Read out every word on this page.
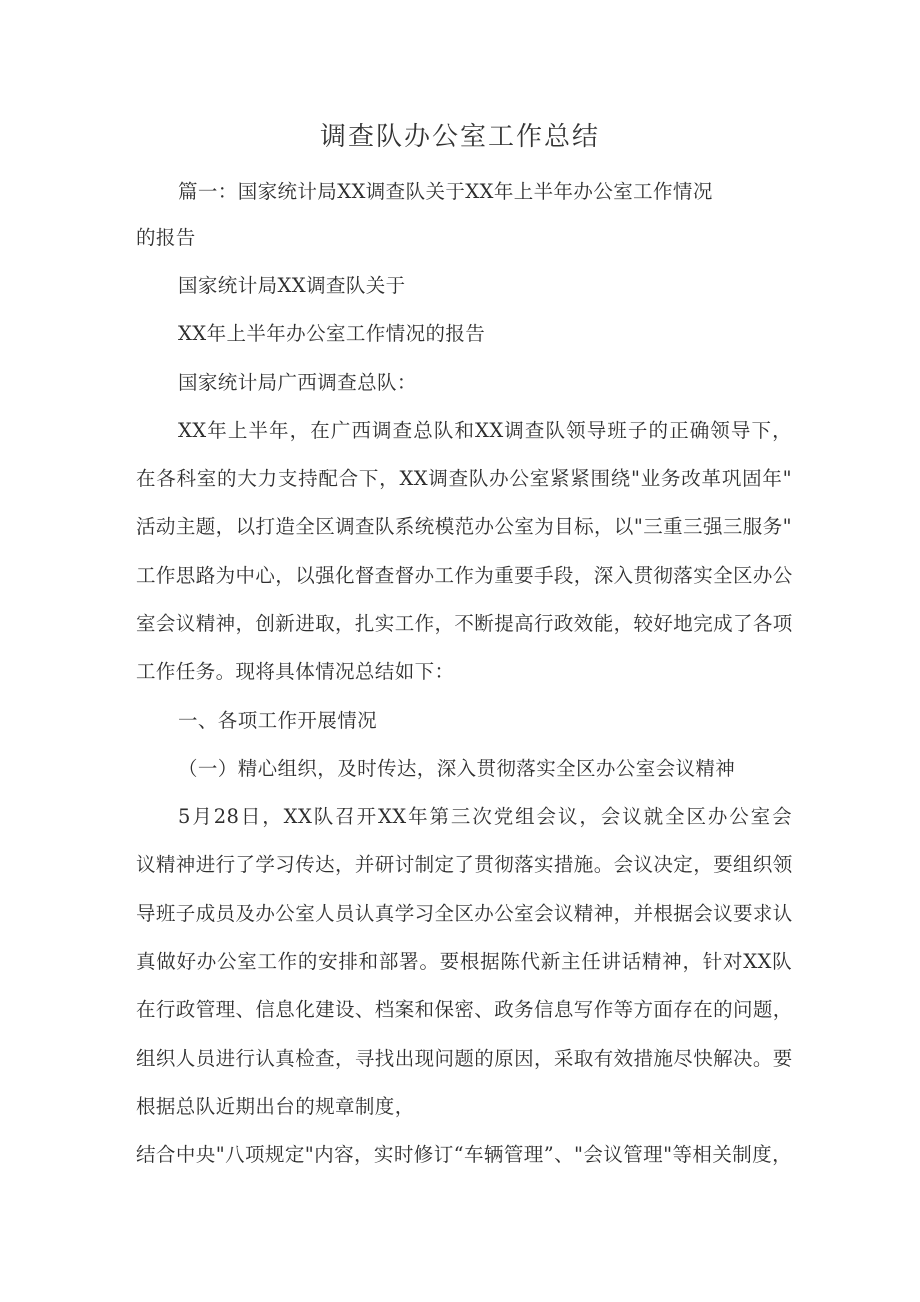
调查队办公室工作总结
篇一：国家统计局XX调查队关于XX年上半年办公室工作情况
的报告
国家统计局XX调查队关于
XX年上半年办公室工作情况的报告
国家统计局广西调查总队：
XX年上半年，在广西调查总队和XX调查队领导班子的正确领导下，
在各科室的大力支持配合下，XX调查队办公室紧紧围绕"业务改革巩固年"
活动主题，以打造全区调查队系统模范办公室为目标，以"三重三强三服务"
工作思路为中心，以强化督查督办工作为重要手段，深入贯彻落实全区办公
室会议精神，创新进取，扎实工作，不断提高行政效能，较好地完成了各项
工作任务。现将具体情况总结如下：
一、各项工作开展情况
（一）精心组织，及时传达，深入贯彻落实全区办公室会议精神
5月28日，XX队召开XX年第三次党组会议，会议就全区办公室会
议精神进行了学习传达，并研讨制定了贯彻落实措施。会议决定，要组织领
导班子成员及办公室人员认真学习全区办公室会议精神，并根据会议要求认
真做好办公室工作的安排和部署。要根据陈代新主任讲话精神，针对XX队
在行政管理、信息化建设、档案和保密、政务信息写作等方面存在的问题，
组织人员进行认真检查，寻找出现问题的原因，采取有效措施尽快解决。要
根据总队近期出台的规章制度，
结合中央"八项规定"内容，实时修订“车辆管理”、"会议管理"等相关制度，
